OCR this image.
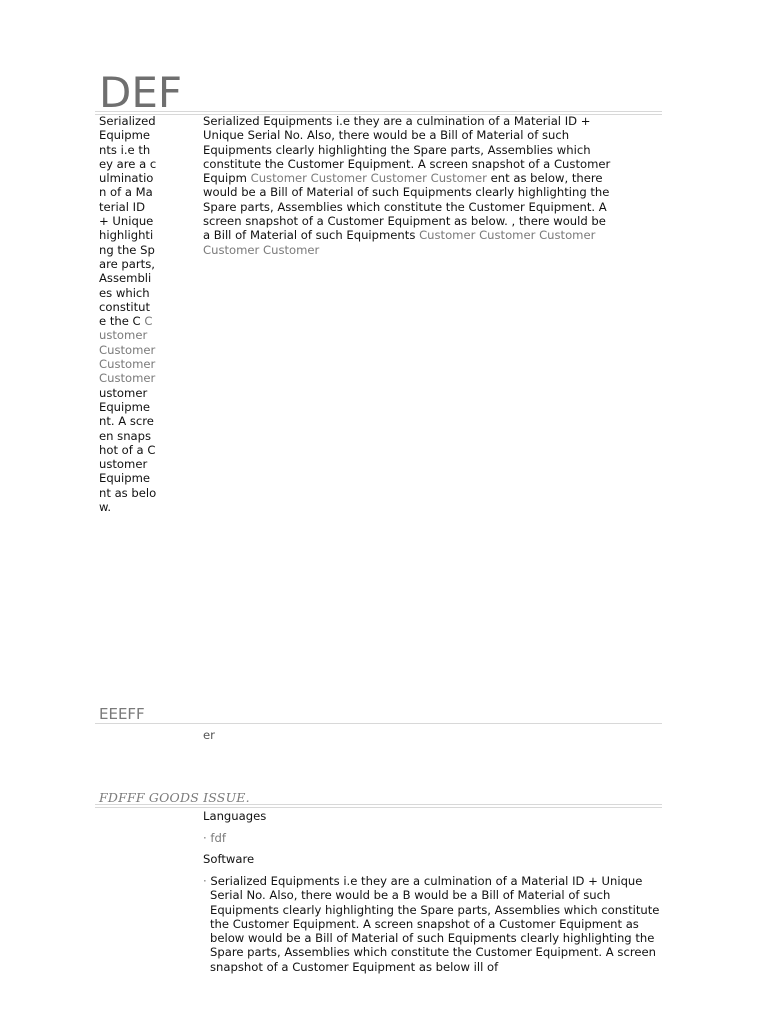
DEF
Serialized Equipments i.e they are a culmination of a Material ID + Unique highlighting the Spare parts, Assemblies which constitute the C Customer Customer Customer Customer ustomer Equipment. A screen snapshot of a Customer Equipment as below.
Serialized Equipments i.e they are a culmination of a Material ID + Unique Serial No. Also, there would be a Bill of Material of such Equipments clearly highlighting the Spare parts, Assemblies which constitute the Customer Equipment. A screen snapshot of a Customer Equipm Customer Customer Customer Customer ent as below, there would be a Bill of Material of such Equipments clearly highlighting the Spare parts, Assemblies which constitute the Customer Equipment. A screen snapshot of a Customer Equipment as below. , there would be a Bill of Material of such Equipments Customer Customer Customer Customer Customer
EEEFF
er
FDFFF GOODS ISSUE.
Languages
· fdf
Software
· Serialized Equipments i.e they are a culmination of a Material ID + Unique Serial No. Also, there would be a B would be a Bill of Material of such Equipments clearly highlighting the Spare parts, Assemblies which constitute the Customer Equipment. A screen snapshot of a Customer Equipment as below would be a Bill of Material of such Equipments clearly highlighting the Spare parts, Assemblies which constitute the Customer Equipment. A screen snapshot of a Customer Equipment as below ill of
